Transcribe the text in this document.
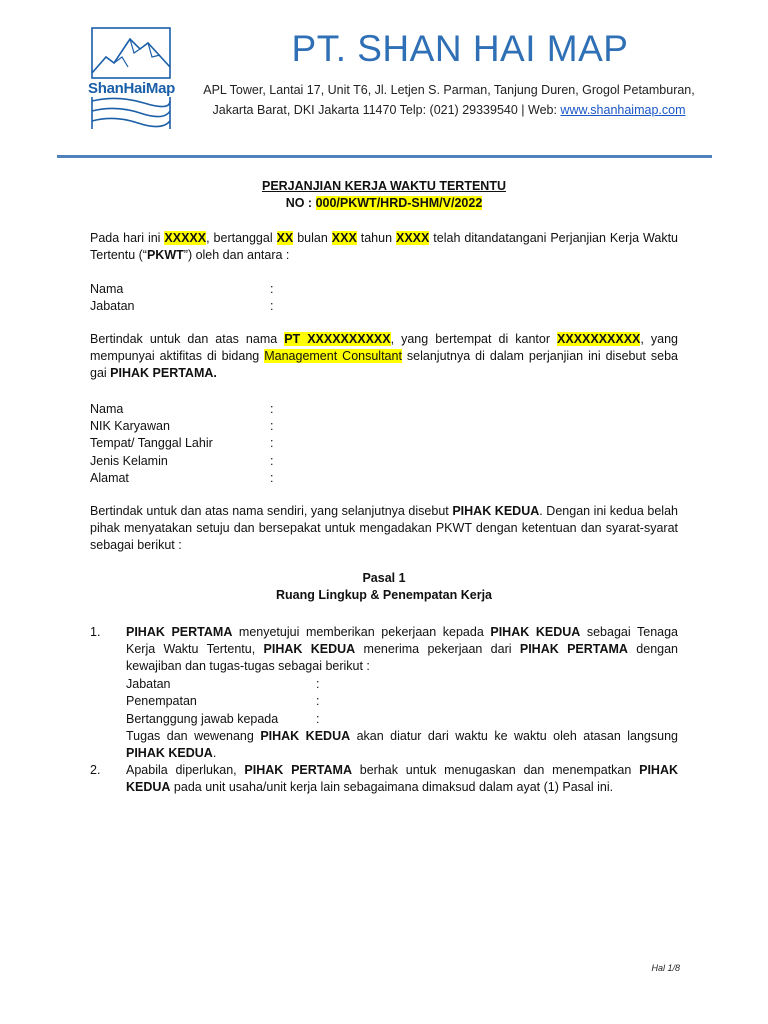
ShanHaiMap
PT. SHAN HAI MAP
APL Tower, Lantai 17, Unit T6, Jl. Letjen S. Parman, Tanjung Duren, Grogol Petamburan,
Jakarta Barat, DKI Jakarta 11470 Telp: (021) 29339540 | Web: www.shanhaimap.com
PERJANJIAN KERJA WAKTU TERTENTU
NO : 000/PKWT/HRD-SHM/V/2022
Pada hari ini XXXXX, bertanggal XX bulan XXX tahun XXXX telah ditandatangani Perjanjian Kerja Waktu Tertentu (“PKWT”) oleh dan antara :
Nama	:
Jabatan	:
Bertindak untuk dan atas nama PT XXXXXXXXXX, yang bertempat di kantor XXXXXXXXXX, yang mempunyai aktifitas di bidang Management Consultant selanjutnya di dalam perjanjian ini disebut seba gai PIHAK PERTAMA.
Nama	:
NIK Karyawan	:
Tempat/ Tanggal Lahir	:
Jenis Kelamin	:
Alamat	:
Bertindak untuk dan atas nama sendiri, yang selanjutnya disebut PIHAK KEDUA. Dengan ini kedua belah pihak menyatakan setuju dan bersepakat untuk mengadakan PKWT dengan ketentuan dan syarat-syarat sebagai berikut :
Pasal 1
Ruang Lingkup & Penempatan Kerja
1. PIHAK PERTAMA menyetujui memberikan pekerjaan kepada PIHAK KEDUA sebagai Tenaga Kerja Waktu Tertentu, PIHAK KEDUA menerima pekerjaan dari PIHAK PERTAMA dengan kewajiban dan tugas-tugas sebagai berikut :
Jabatan	:
Penempatan	:
Bertanggung jawab kepada	:
Tugas dan wewenang PIHAK KEDUA akan diatur dari waktu ke waktu oleh atasan langsung PIHAK KEDUA.
2. Apabila diperlukan, PIHAK PERTAMA berhak untuk menugaskan dan menempatkan PIHAK KEDUA pada unit usaha/unit kerja lain sebagaimana dimaksud dalam ayat (1) Pasal ini.
Hal 1/8
